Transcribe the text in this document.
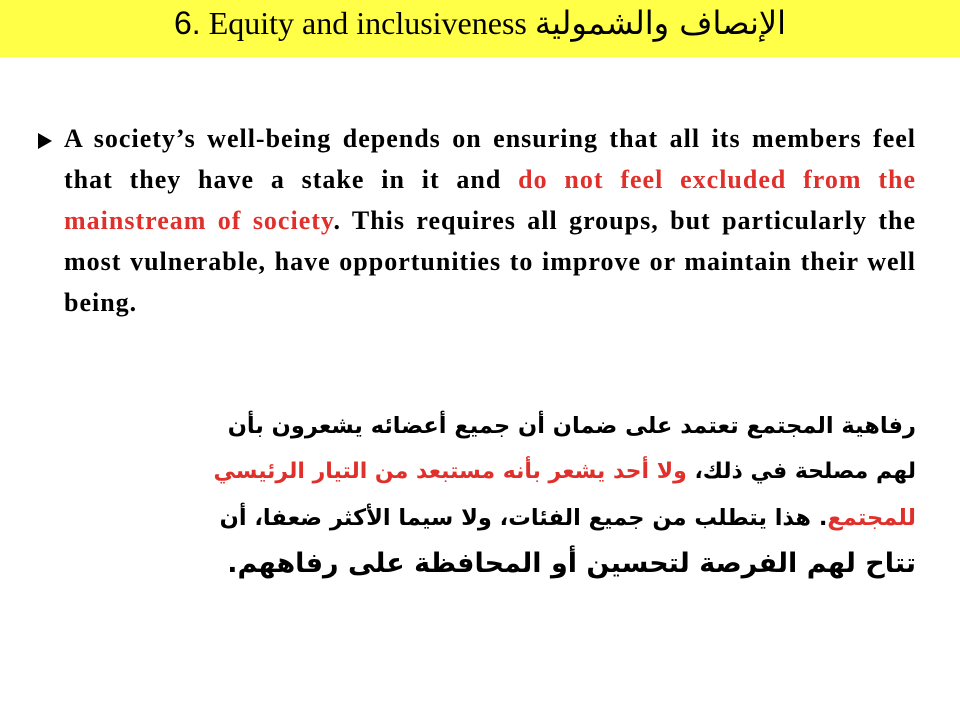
6. Equity and inclusiveness الإنصاف والشمولية

A society’s well-being depends on ensuring that all its members feel that they have a stake in it and do not feel excluded from the mainstream of society. This requires all groups, but particularly the most vulnerable, have opportunities to improve or maintain their well being.

رفاهية المجتمع تعتمد على ضمان أن جميع أعضائه يشعرون بأن
لهم مصلحة في ذلك، ولا أحد يشعر بأنه مستبعد من التيار الرئيسي
للمجتمع. هذا يتطلب من جميع الفئات، ولا سيما الأكثر ضعفا، أن
تتاح لهم الفرصة لتحسين أو المحافظة على رفاههم.
